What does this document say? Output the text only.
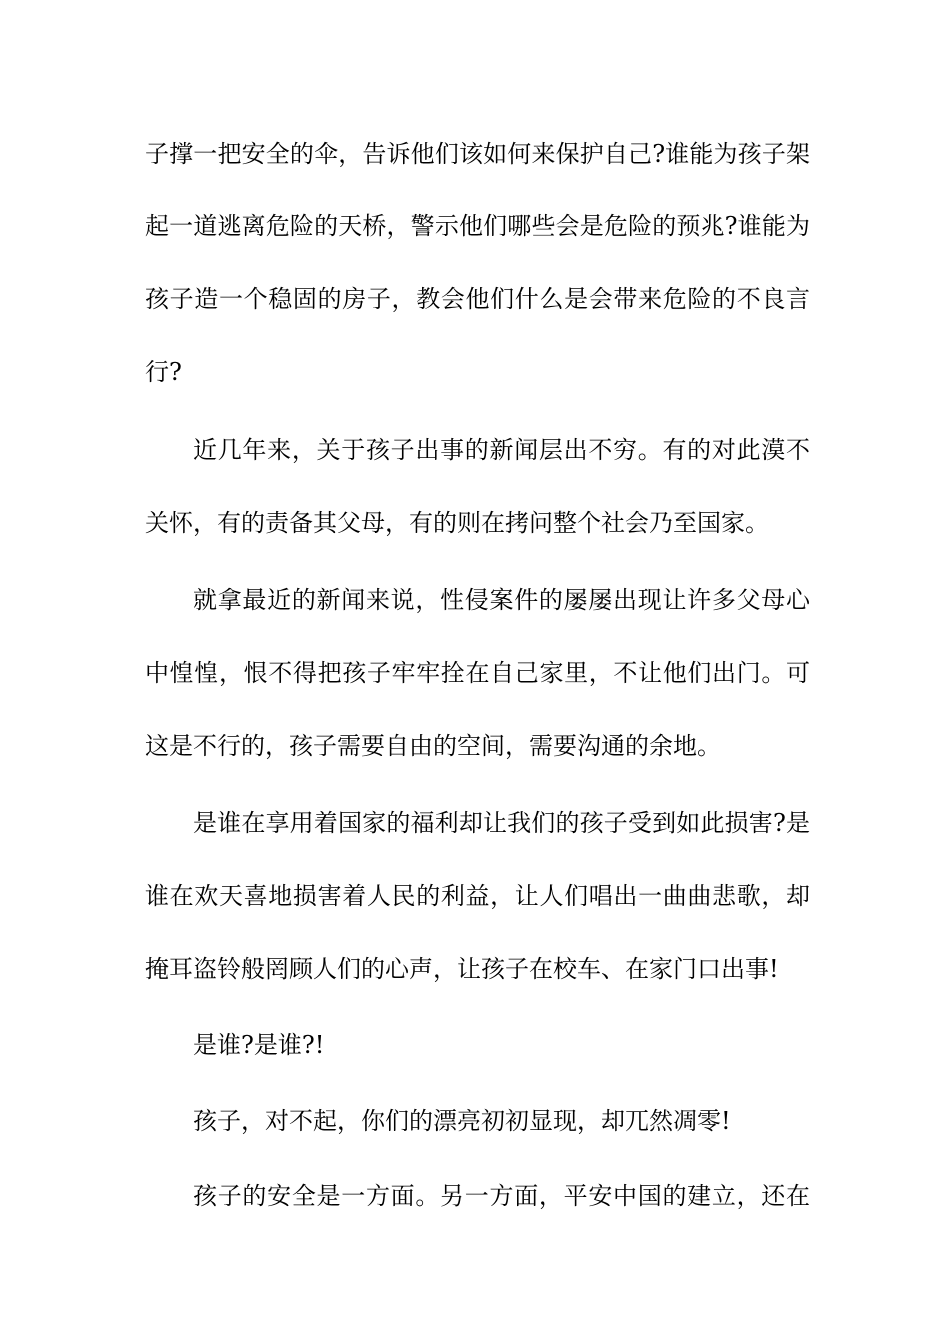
子撑一把安全的伞，告诉他们该如何来保护自己?谁能为孩子架
起一道逃离危险的天桥，警示他们哪些会是危险的预兆?谁能为
孩子造一个稳固的房子，教会他们什么是会带来危险的不良言
行?
近几年来，关于孩子出事的新闻层出不穷。有的对此漠不
关怀，有的责备其父母，有的则在拷问整个社会乃至国家。
就拿最近的新闻来说，性侵案件的屡屡出现让许多父母心
中惶惶，恨不得把孩子牢牢拴在自己家里，不让他们出门。可
这是不行的，孩子需要自由的空间，需要沟通的余地。
是谁在享用着国家的福利却让我们的孩子受到如此损害?是
谁在欢天喜地损害着人民的利益，让人们唱出一曲曲悲歌，却
掩耳盗铃般罔顾人们的心声，让孩子在校车、在家门口出事!
是谁?是谁?!
孩子，对不起，你们的漂亮初初显现，却兀然凋零!
孩子的安全是一方面。另一方面，平安中国的建立，还在
